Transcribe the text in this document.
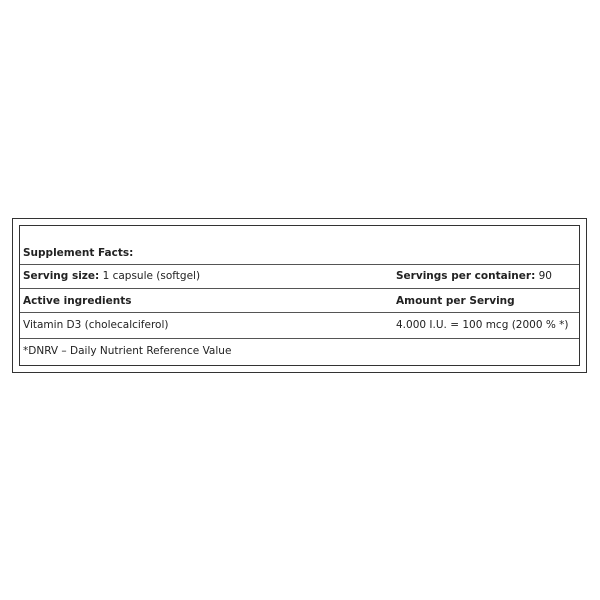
Supplement Facts:
Serving size: 1 capsule (softgel)	Servings per container: 90
Active ingredients	Amount per Serving
Vitamin D3 (cholecalciferol)	4.000 I.U. = 100 mcg (2000 % *)
*DNRV – Daily Nutrient Reference Value
